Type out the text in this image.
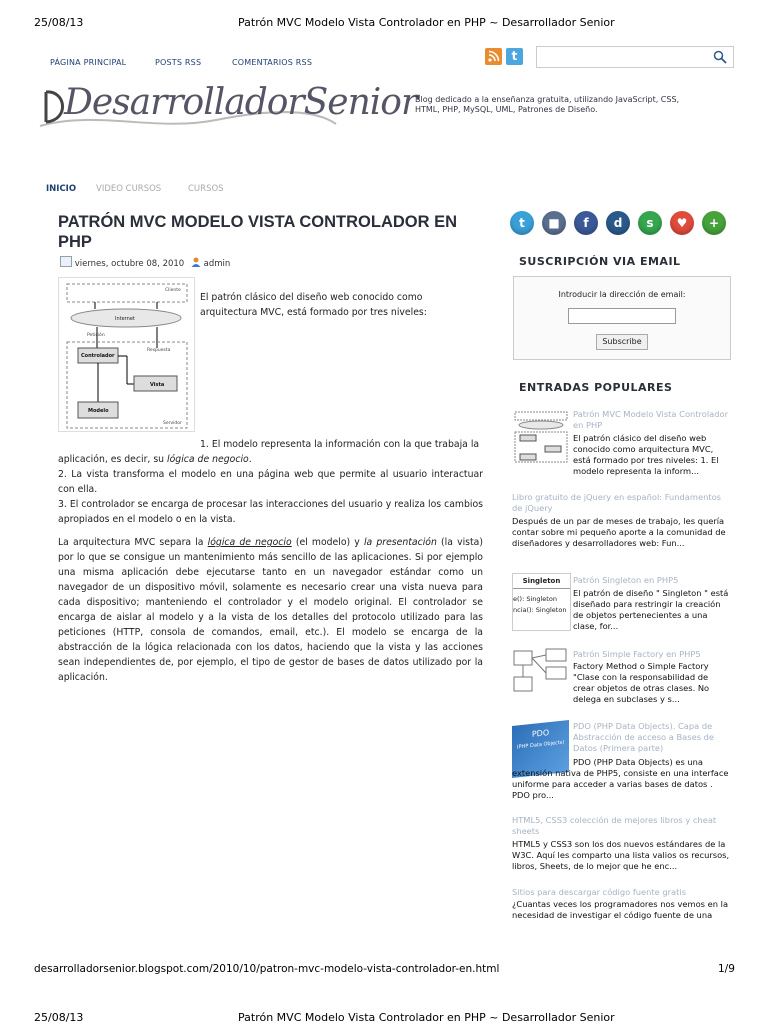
25/08/13	Patrón MVC Modelo Vista Controlador en PHP ~ Desarrollador Senior
PÁGINA PRINCIPAL	POSTS RSS	COMENTARIOS RSS	t
DesarrolladorSenior
Blog dedicado a la enseñanza gratuita, utilizando JavaScript, CSS, HTML, PHP, MySQL, UML, Patrones de Diseño.
INICIO VIDEO CURSOS	CURSOS
PATRÓN MVC MODELO VISTA CONTROLADOR EN
PHP
viernes, octubre 08, 2010 admin
Cliente
Internet
Petición
Respuesta
Controlador
Vista
Modelo
Servidor
El patrón clásico del diseño web conocido como
arquitectura MVC, está formado por tres niveles:
1. El modelo representa la información con la que trabaja la
aplicación, es decir, su lógica de negocio.
2. La vista transforma el modelo en una página web que permite al usuario interactuar con ella.
3. El controlador se encarga de procesar las interacciones del usuario y realiza los cambios apropiados en el modelo o en la vista.
La arquitectura MVC separa la lógica de negocio (el modelo) y la presentación (la vista) por lo que se consigue un mantenimiento más sencillo de las aplicaciones. Si por ejemplo una misma aplicación debe ejecutarse tanto en un navegador estándar como un navegador de un dispositivo móvil, solamente es necesario crear una vista nueva para cada dispositivo; manteniendo el controlador y el modelo original. El controlador se encarga de aislar al modelo y a la vista de los detalles del protocolo utilizado para las peticiones (HTTP, consola de comandos, email, etc.). El modelo se encarga de la abstracción de la lógica relacionada con los datos, haciendo que la vista y las acciones sean independientes de, por ejemplo, el tipo de gestor de bases de datos utilizado por la aplicación.
t	■	f	d	s	♥	+
SUSCRIPCIÓN VIA EMAIL
Introducir la dirección de email:
Subscribe
ENTRADAS POPULARES
Patrón MVC Modelo Vista Controlador en PHP
El patrón clásico del diseño web conocido como arquitectura MVC, está formado por tres niveles: 1. El modelo representa la inform...
Libro gratuito de jQuery en español: Fundamentos de jQuery
Después de un par de meses de trabajo, les quería contar sobre mi pequeño aporte a la comunidad de diseñadores y desarrolladores web: Fun...
Singleton
e(): Singleton
ncia(): Singleton
Patrón Singleton en PHP5
El patrón de diseño " Singleton " está diseñado para restringir la creación de objetos pertenecientes a una clase, for...
Patrón Simple Factory en PHP5
Factory Method o Simple Factory "Clase con la responsabilidad de crear objetos de otras clases. No delega en subclases y s...
PDO
(PHP Data Objects)
PDO (PHP Data Objects). Capa de Abstracción de acceso a Bases de Datos (Primera parte)
PDO (PHP Data Objects) es una extensión nativa de PHP5, consiste en una interface uniforme para acceder a varias bases de datos . PDO pro...
HTML5, CSS3 colección de mejores libros y cheat sheets
HTML5 y CSS3 son los dos nuevos estándares de la W3C. Aquí les comparto una lista valios os recursos, libros, Sheets, de lo mejor que he enc...
Sitios para descargar código fuente gratis
¿Cuantas veces los programadores nos vemos en la necesidad de investigar el código fuente de una
desarrolladorsenior.blogspot.com/2010/10/patron-mvc-modelo-vista-controlador-en.html	1/9
25/08/13	Patrón MVC Modelo Vista Controlador en PHP ~ Desarrollador Senior
